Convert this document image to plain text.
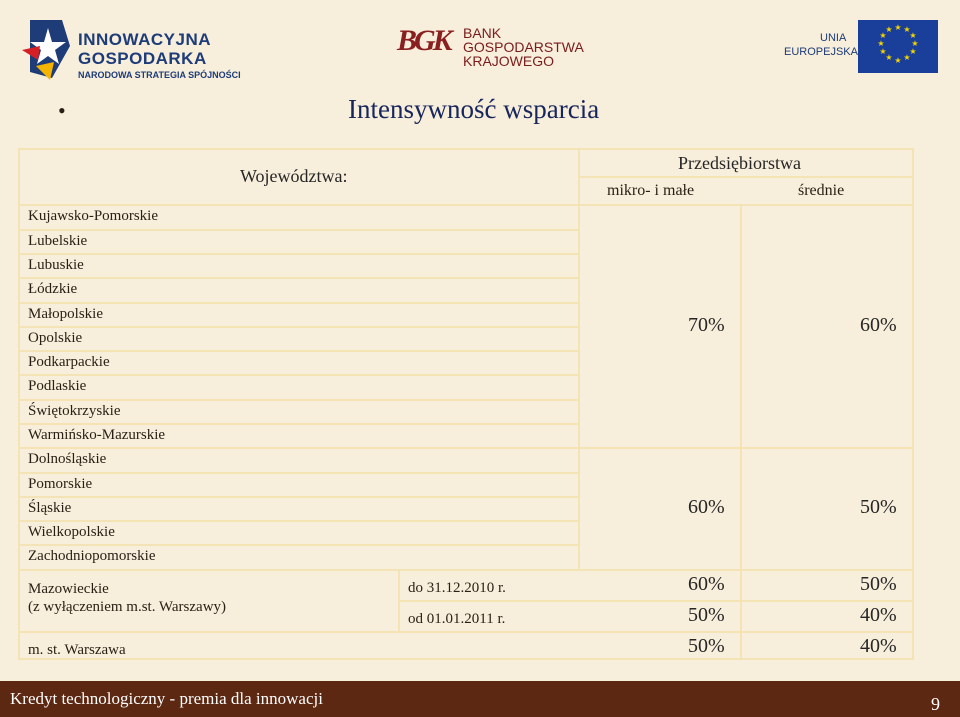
INNOWACYJNA
GOSPODARKA
NARODOWA STRATEGIA SPÓJNOŚCI
BGK BANK
GOSPODARSTWA
KRAJOWEGO
UNIA
EUROPEJSKA
★ ★
★
★
★
★
★
★
★
★
★
★
•	Intensywność wsparcia
Województwa:
Przedsiębiorstwa
mikro- i małe	średnie
Kujawsko-Pomorskie
Lubelskie
Lubuskie
Łódzkie
Małopolskie
Opolskie
Podkarpackie
Podlaskie
Świętokrzyskie
Warmińsko-Mazurskie
70%	60%
Dolnośląskie
Pomorskie
Śląskie
Wielkopolskie
Zachodniopomorskie
60%	50%
Mazowieckie
(z wyłączeniem m.st. Warszawy)
do 31.12.2010 r.	60%	50%
od 01.01.2011 r.	50%	40%
m. st. Warszawa	50%	40%
Kredyt technologiczny - premia dla innowacji	9
